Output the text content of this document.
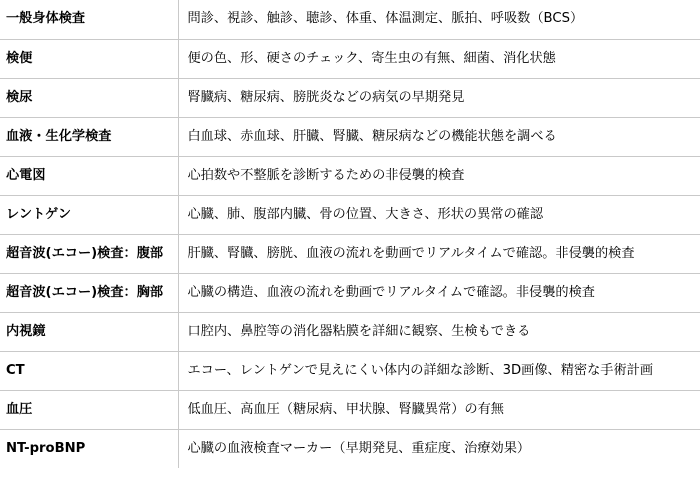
一般身体検査	問診、視診、触診、聴診、体重、体温測定、脈拍、呼吸数（BCS）
検便	便の色、形、硬さのチェック、寄生虫の有無、細菌、消化状態
検尿	腎臓病、糖尿病、膀胱炎などの病気の早期発見
血液・生化学検査	白血球、赤血球、肝臓、腎臓、糖尿病などの機能状態を調べる
心電図	心拍数や不整脈を診断するための非侵襲的検査
レントゲン	心臓、肺、腹部内臓、骨の位置、大きさ、形状の異常の確認
超音波(エコー)検査：腹部	肝臓、腎臓、膀胱、血液の流れを動画でリアルタイムで確認。非侵襲的検査
超音波(エコー)検査：胸部	心臓の構造、血液の流れを動画でリアルタイムで確認。非侵襲的検査
内視鏡	口腔内、鼻腔等の消化器粘膜を詳細に観察、生検もできる
CT	エコー、レントゲンで見えにくい体内の詳細な診断、3D画像、精密な手術計画
血圧	低血圧、高血圧（糖尿病、甲状腺、腎臓異常）の有無
NT-proBNP	心臓の血液検査マーカー（早期発見、重症度、治療効果）
